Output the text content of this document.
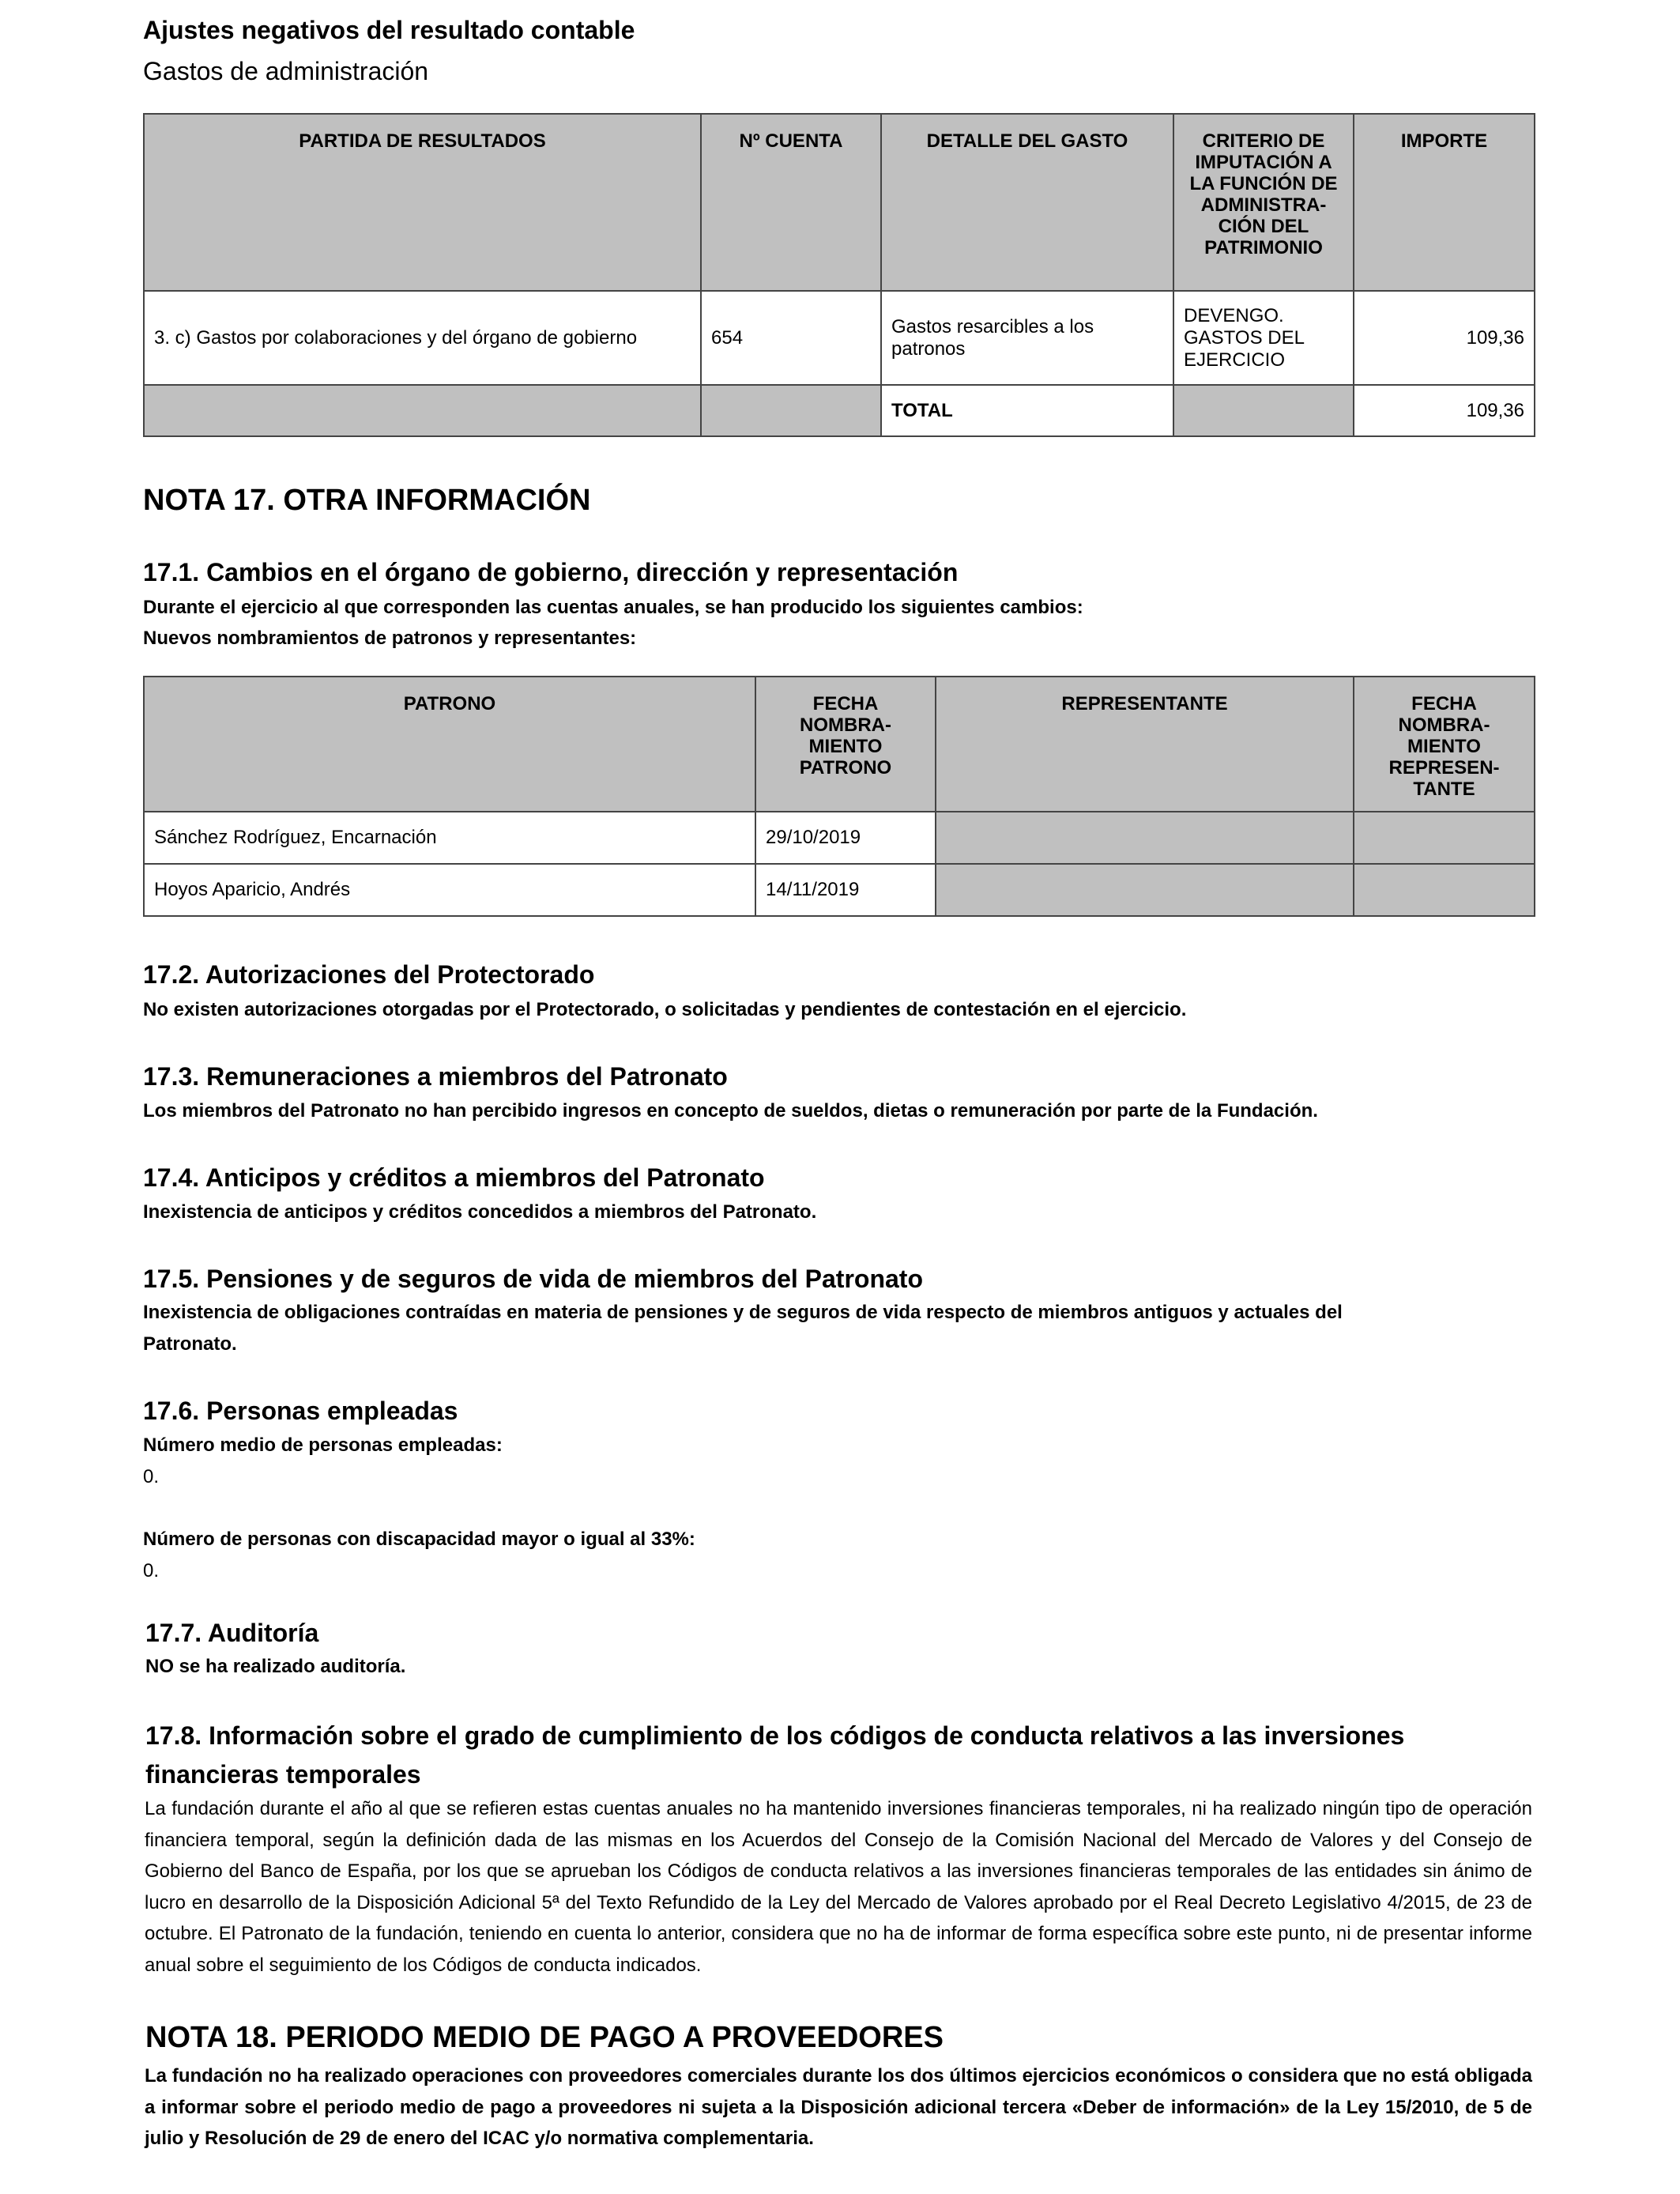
Ajustes negativos del resultado contable
Gastos de administración
PARTIDA DE RESULTADOS	Nº CUENTA	DETALLE DEL GASTO	CRITERIO DE IMPUTACIÓN A LA FUNCIÓN DE ADMINISTRA-CIÓN DEL PATRIMONIO	IMPORTE
3. c) Gastos por colaboraciones y del órgano de gobierno	654	Gastos resarcibles a los patronos	DEVENGO. GASTOS DEL EJERCICIO	109,36
		TOTAL		109,36
NOTA 17. OTRA INFORMACIÓN
17.1. Cambios en el órgano de gobierno, dirección y representación
Durante el ejercicio al que corresponden las cuentas anuales, se han producido los siguientes cambios:
Nuevos nombramientos de patronos y representantes:
PATRONO	FECHA NOMBRA-MIENTO PATRONO	REPRESENTANTE	FECHA NOMBRA-MIENTO REPRESEN-TANTE
Sánchez Rodríguez, Encarnación	29/10/2019		
Hoyos Aparicio, Andrés	14/11/2019		
17.2. Autorizaciones del Protectorado
No existen autorizaciones otorgadas por el Protectorado, o solicitadas y pendientes de contestación en el ejercicio.
17.3. Remuneraciones a miembros del Patronato
Los miembros del Patronato no han percibido ingresos en concepto de sueldos, dietas o remuneración por parte de la Fundación.
17.4. Anticipos y créditos a miembros del Patronato
Inexistencia de anticipos y créditos concedidos a miembros del Patronato.
17.5. Pensiones y de seguros de vida de miembros del Patronato
Inexistencia de obligaciones contraídas en materia de pensiones y de seguros de vida respecto de miembros antiguos y actuales del
Patronato.
17.6. Personas empleadas
Número medio de personas empleadas:
0.
Número de personas con discapacidad mayor o igual al 33%:
0.
17.7. Auditoría
NO se ha realizado auditoría.
17.8. Información sobre el grado de cumplimiento de los códigos de conducta relativos a las inversiones
financieras temporales
La fundación durante el año al que se refieren estas cuentas anuales no ha mantenido inversiones financieras temporales, ni ha realizado ningún tipo de operación financiera temporal, según la definición dada de las mismas en los Acuerdos del Consejo de la Comisión Nacional del Mercado de Valores y del Consejo de Gobierno del Banco de España, por los que se aprueban los Códigos de conducta relativos a las inversiones financieras temporales de las entidades sin ánimo de lucro en desarrollo de la Disposición Adicional 5ª del Texto Refundido de la Ley del Mercado de Valores aprobado por el Real Decreto Legislativo 4/2015, de 23 de octubre. El Patronato de la fundación, teniendo en cuenta lo anterior, considera que no ha de informar de forma específica sobre este punto, ni de presentar informe anual sobre el seguimiento de los Códigos de conducta indicados.
NOTA 18. PERIODO MEDIO DE PAGO A PROVEEDORES
La fundación no ha realizado operaciones con proveedores comerciales durante los dos últimos ejercicios económicos o considera que no está obligada a informar sobre el periodo medio de pago a proveedores ni sujeta a la Disposición adicional tercera «Deber de información» de la Ley 15/2010, de 5 de julio y Resolución de 29 de enero del ICAC y/o normativa complementaria.
